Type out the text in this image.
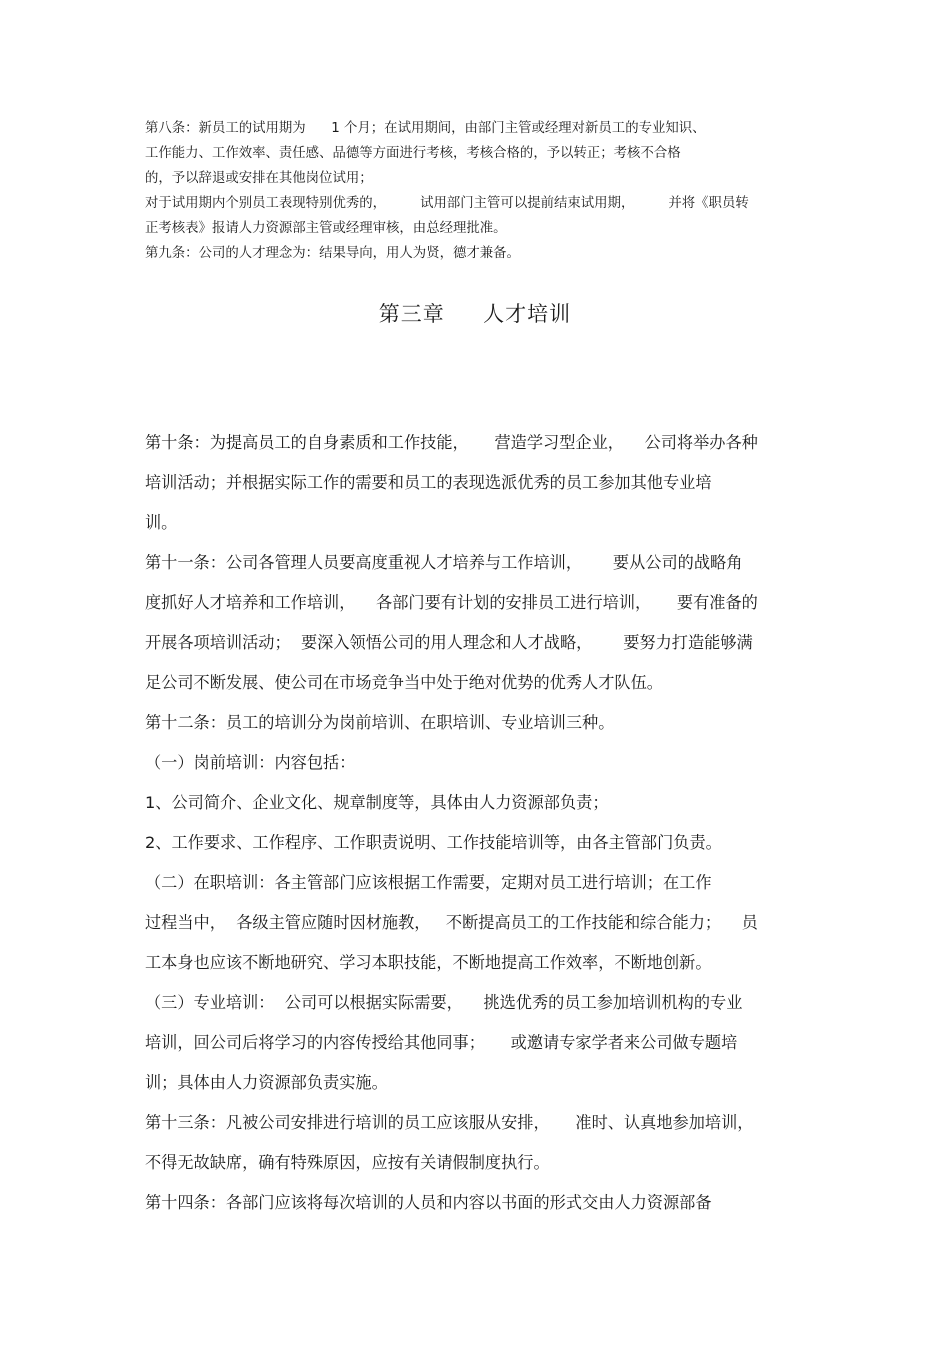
第八条：新员工的试用期为      1 个月；在试用期间，由部门主管或经理对新员工的专业知识、
工作能力、工作效率、责任感、品德等方面进行考核，考核合格的，予以转正；考核不合格
的，予以辞退或安排在其他岗位试用；
对于试用期内个别员工表现特别优秀的，        试用部门主管可以提前结束试用期，        并将《职员转
正考核表》报请人力资源部主管或经理审核，由总经理批准。
第九条：公司的人才理念为：结果导向，用人为贤，德才兼备。
第三章     人才培训
第十条：为提高员工的自身素质和工作技能，     营造学习型企业，    公司将举办各种
培训活动；并根据实际工作的需要和员工的表现选派优秀的员工参加其他专业培
训。
第十一条：公司各管理人员要高度重视人才培养与工作培训，      要从公司的战略角
度抓好人才培养和工作培训，    各部门要有计划的安排员工进行培训，     要有准备的
开展各项培训活动；  要深入领悟公司的用人理念和人才战略，      要努力打造能够满
足公司不断发展、使公司在市场竞争当中处于绝对优势的优秀人才队伍。
第十二条：员工的培训分为岗前培训、在职培训、专业培训三种。
（一）岗前培训：内容包括：
1、公司简介、企业文化、规章制度等，具体由人力资源部负责；
2、工作要求、工作程序、工作职责说明、工作技能培训等，由各主管部门负责。
（二）在职培训：各主管部门应该根据工作需要，定期对员工进行培训；在工作
过程当中，  各级主管应随时因材施教，   不断提高员工的工作技能和综合能力；    员
工本身也应该不断地研究、学习本职技能，不断地提高工作效率，不断地创新。
（三）专业培训：  公司可以根据实际需要，    挑选优秀的员工参加培训机构的专业
培训，回公司后将学习的内容传授给其他同事；     或邀请专家学者来公司做专题培
训；具体由人力资源部负责实施。
第十三条：凡被公司安排进行培训的员工应该服从安排，     准时、认真地参加培训，
不得无故缺席，确有特殊原因，应按有关请假制度执行。
第十四条：各部门应该将每次培训的人员和内容以书面的形式交由人力资源部备
